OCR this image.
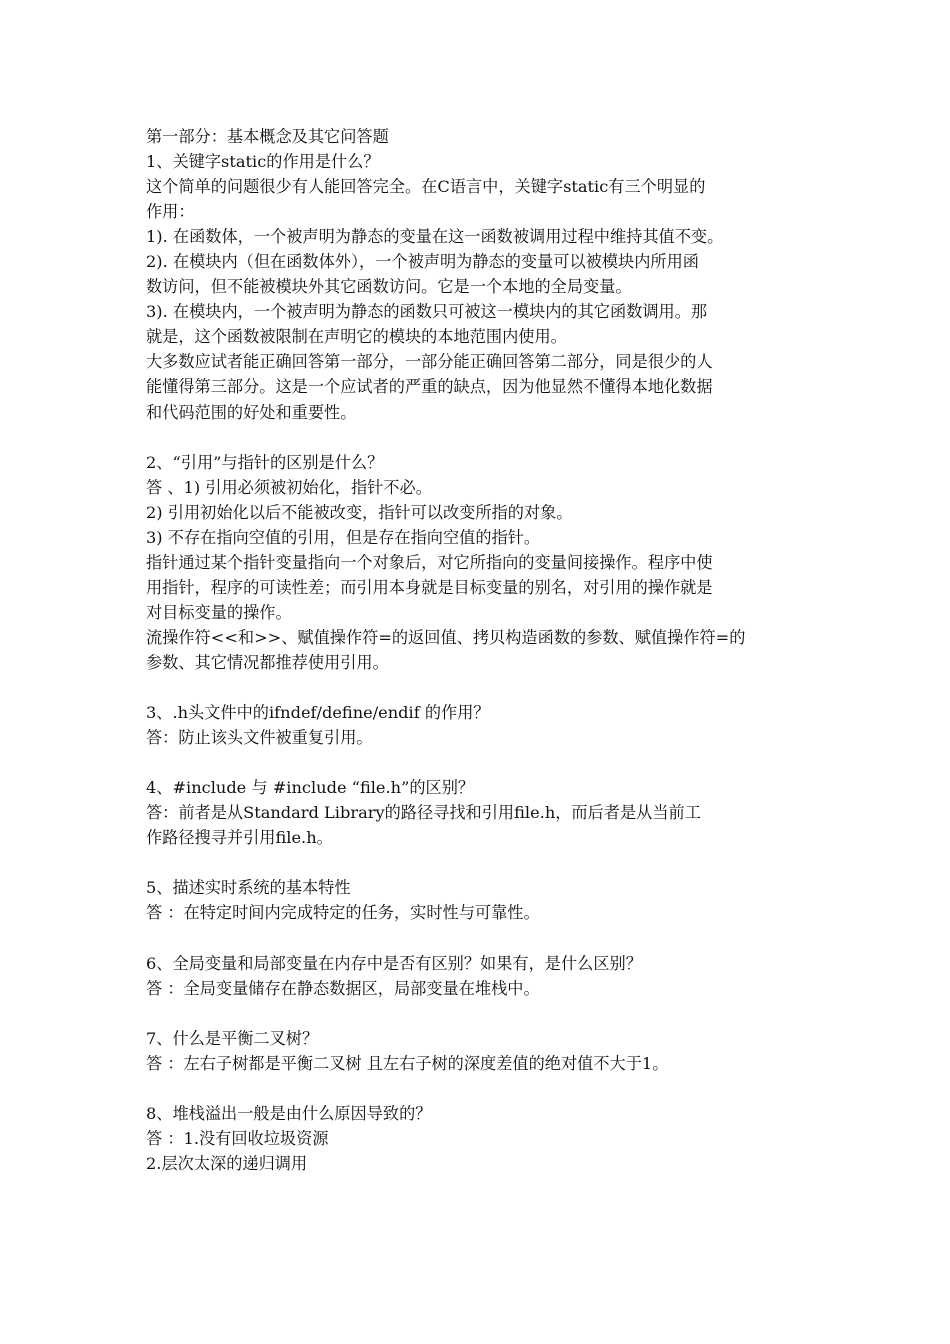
第一部分：基本概念及其它问答题
1、关键字static的作用是什么？
这个简单的问题很少有人能回答完全。在C语言中，关键字static有三个明显的
作用：
1). 在函数体，一个被声明为静态的变量在这一函数被调用过程中维持其值不变。
2). 在模块内（但在函数体外），一个被声明为静态的变量可以被模块内所用函
数访问，但不能被模块外其它函数访问。它是一个本地的全局变量。
3). 在模块内，一个被声明为静态的函数只可被这一模块内的其它函数调用。那
就是，这个函数被限制在声明它的模块的本地范围内使用。
大多数应试者能正确回答第一部分，一部分能正确回答第二部分，同是很少的人
能懂得第三部分。这是一个应试者的严重的缺点，因为他显然不懂得本地化数据
和代码范围的好处和重要性。
2、“引用”与指针的区别是什么？
答 、1) 引用必须被初始化，指针不必。
2) 引用初始化以后不能被改变，指针可以改变所指的对象。
3) 不存在指向空值的引用，但是存在指向空值的指针。
指针通过某个指针变量指向一个对象后，对它所指向的变量间接操作。程序中使
用指针，程序的可读性差；而引用本身就是目标变量的别名，对引用的操作就是
对目标变量的操作。
流操作符<<和>>、赋值操作符=的返回值、拷贝构造函数的参数、赋值操作符=的
参数、其它情况都推荐使用引用。
3、.h头文件中的ifndef/define/endif 的作用？
答：防止该头文件被重复引用。
4、#include 与 #include “file.h”的区别？
答：前者是从Standard Library的路径寻找和引用file.h，而后者是从当前工
作路径搜寻并引用file.h。
5、描述实时系统的基本特性
答 ：在特定时间内完成特定的任务，实时性与可靠性。
6、全局变量和局部变量在内存中是否有区别？如果有，是什么区别？
答 ：全局变量储存在静态数据区，局部变量在堆栈中。
7、什么是平衡二叉树？
答 ：左右子树都是平衡二叉树 且左右子树的深度差值的绝对值不大于1。
8、堆栈溢出一般是由什么原因导致的？
答 ：1.没有回收垃圾资源
2.层次太深的递归调用
